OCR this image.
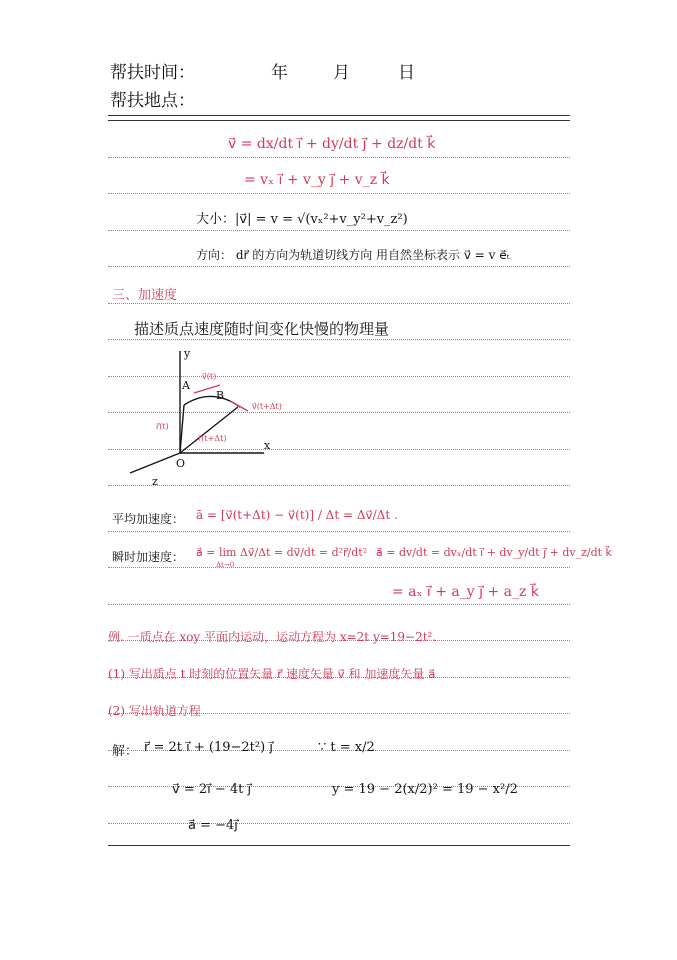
帮扶时间：	年	月	日
帮扶地点：
v⃗ = dx/dt i⃗ + dy/dt j⃗ + dz/dt k⃗
= vₓ i⃗ + v_y j⃗ + v_z k⃗
大小：|v⃗| = v = √(vₓ²+v_y²+v_z²)
方向： dr⃗ 的方向为轨道切线方向 用自然坐标表示 v⃗ = v e⃗ₜ
三、加速度
描述质点速度随时间变化快慢的物理量
y
x
z
O
A
B
v⃗(t)
v⃗(t+Δt)
r⃗(t)
r⃗(t+Δt)
平均加速度： ā = [v⃗(t+Δt) − v⃗(t)] / Δt = Δv⃗/Δt .
瞬时加速度： a⃗ = lim Δv⃗/Δt = dv⃗/dt = d²r⃗/dt²
Δt→0
a⃗ = dv/dt = dvₓ/dt i⃗ + dv_y/dt j⃗ + dv_z/dt k⃗
= aₓ i⃗ + a_y j⃗ + a_z k⃗
例. 一质点在 xoy 平面内运动，运动方程为 x=2t y=19−2t².
(1) 写出质点 t 时刻的位置矢量 r⃗ 速度矢量 v⃗ 和 加速度矢量 a⃗
(2) 写出轨道方程
解： r⃗ = 2t i⃗ + (19−2t²) j⃗	∵ t = x/2
v⃗ = 2i⃗ − 4t j⃗	y = 19 − 2(x/2)² = 19 − x²/2
a⃗ = −4j⃗
